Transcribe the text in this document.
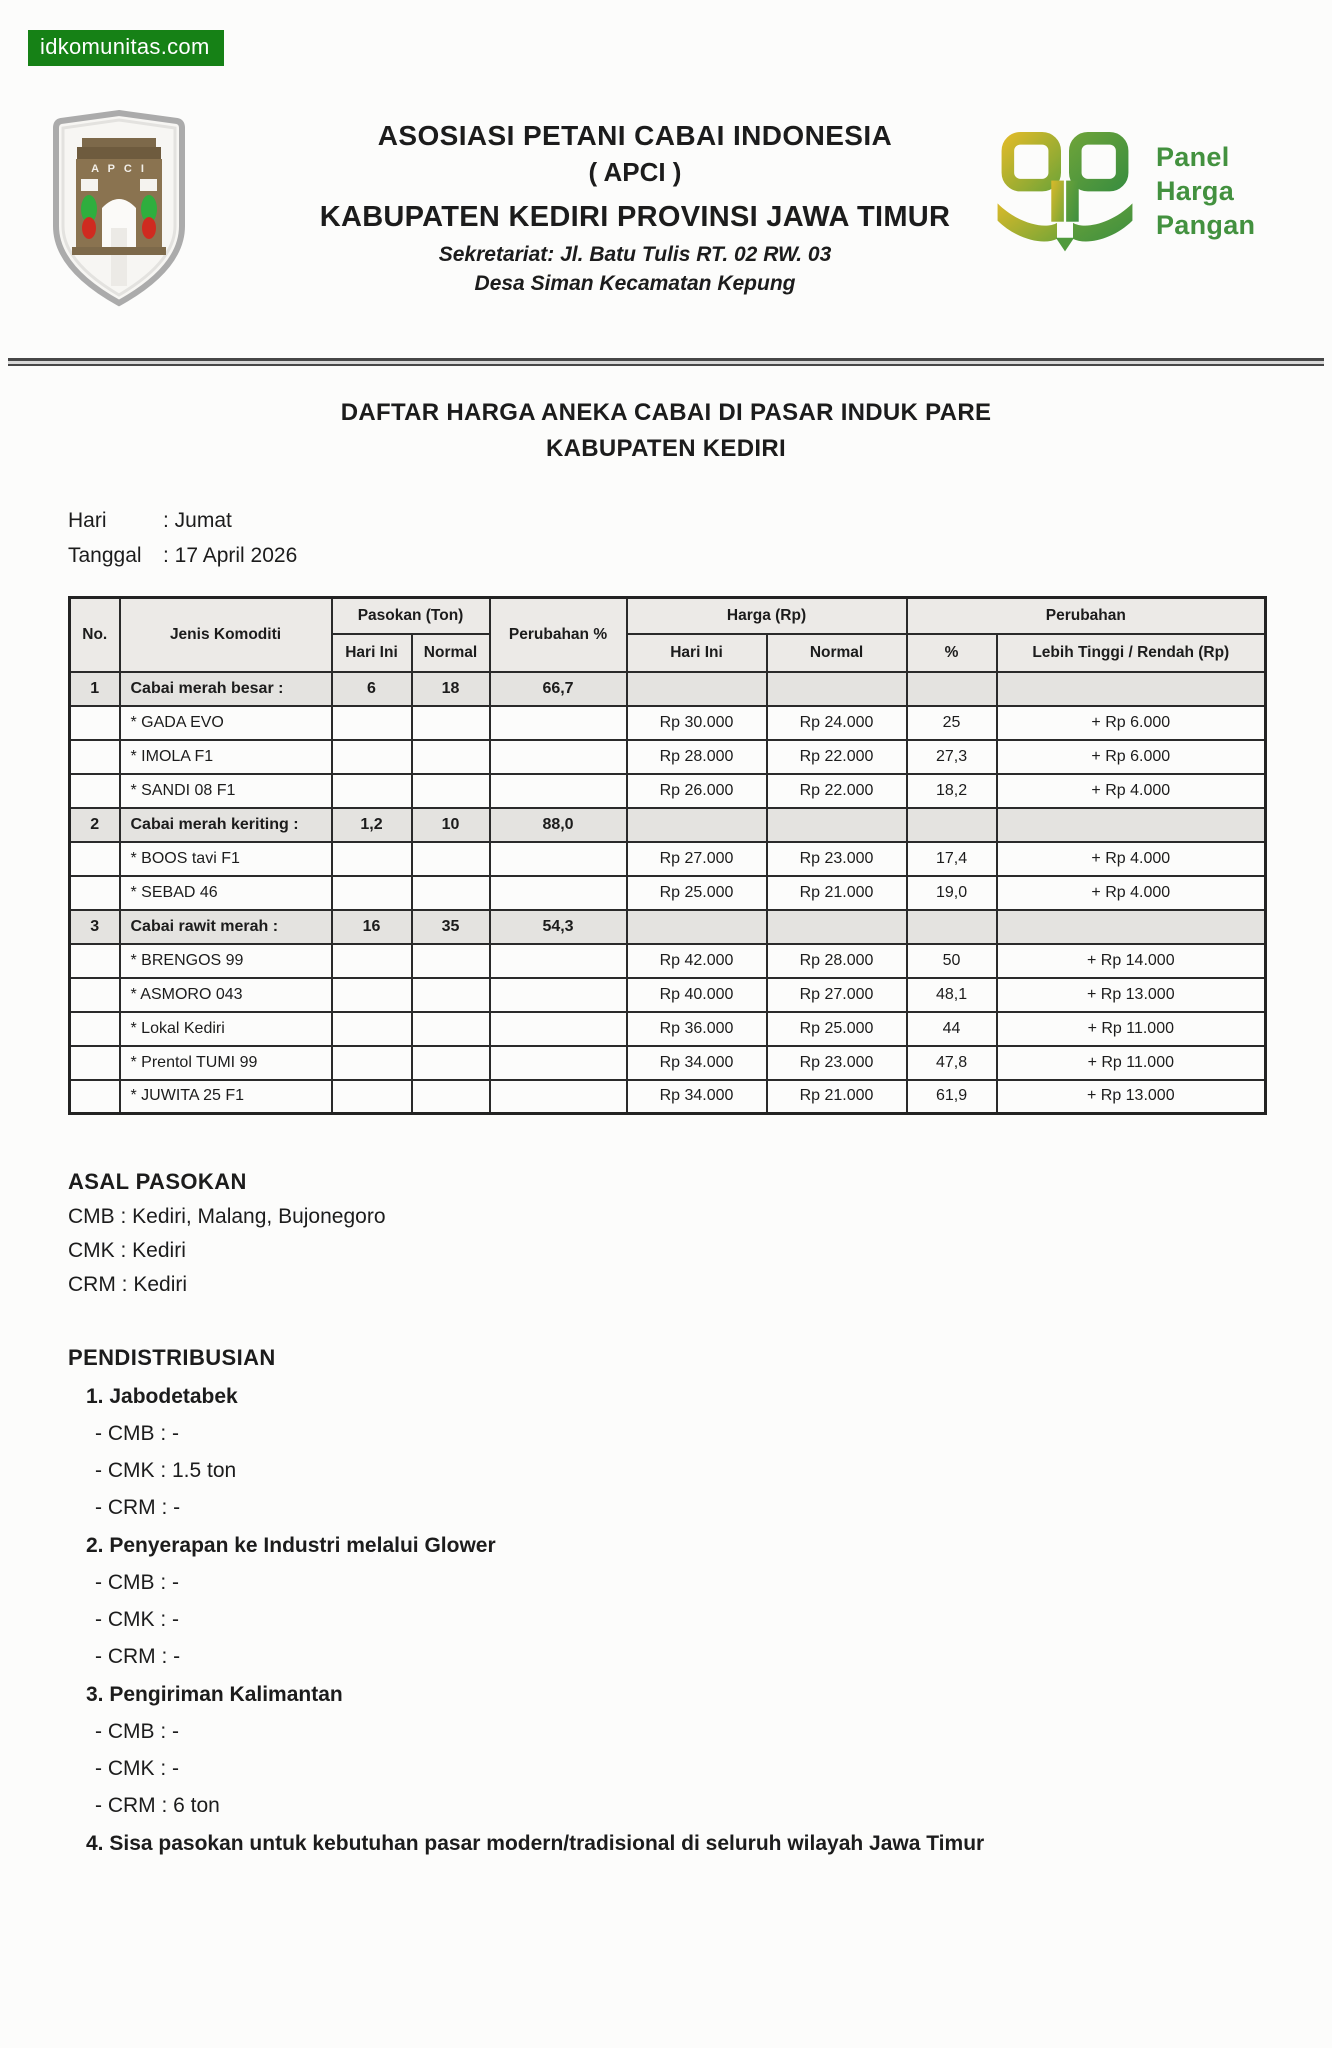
idkomunitas.com
A P C I
ASOSIASI PETANI CABAI INDONESIA
( APCI )
KABUPATEN KEDIRI PROVINSI JAWA TIMUR
Sekretariat: Jl. Batu Tulis RT. 02 RW. 03
Desa Siman Kecamatan Kepung
Panel
Harga
Pangan
DAFTAR HARGA ANEKA CABAI DI PASAR INDUK PARE
KABUPATEN KEDIRI
Hari	: Jumat
Tanggal	: 17 April 2026
No.	Jenis Komoditi	Pasokan (Ton)		Perubahan %	Harga (Rp)		Perubahan	
		Hari Ini	Normal		Hari Ini	Normal	%	Lebih Tinggi / Rendah (Rp)
1	Cabai merah besar :	6	18	66,7				
	* GADA EVO				Rp 30.000	Rp 24.000	25	+ Rp 6.000
	* IMOLA F1				Rp 28.000	Rp 22.000	27,3	+ Rp 6.000
	* SANDI 08 F1				Rp 26.000	Rp 22.000	18,2	+ Rp 4.000
2	Cabai merah keriting :	1,2	10	88,0				
	* BOOS tavi F1				Rp 27.000	Rp 23.000	17,4	+ Rp 4.000
	* SEBAD 46				Rp 25.000	Rp 21.000	19,0	+ Rp 4.000
3	Cabai rawit merah :	16	35	54,3				
	* BRENGOS 99				Rp 42.000	Rp 28.000	50	+ Rp 14.000
	* ASMORO 043				Rp 40.000	Rp 27.000	48,1	+ Rp 13.000
	* Lokal Kediri				Rp 36.000	Rp 25.000	44	+ Rp 11.000
	* Prentol TUMI 99				Rp 34.000	Rp 23.000	47,8	+ Rp 11.000
	* JUWITA 25 F1				Rp 34.000	Rp 21.000	61,9	+ Rp 13.000
ASAL PASOKAN
CMB : Kediri, Malang, Bujonegoro
CMK : Kediri
CRM : Kediri
PENDISTRIBUSIAN
1. Jabodetabek
- CMB : -
- CMK : 1.5 ton
- CRM : -
2. Penyerapan ke Industri melalui Glower
- CMB : -
- CMK : -
- CRM : -
3. Pengiriman Kalimantan
- CMB : -
- CMK : -
- CRM : 6 ton
4. Sisa pasokan untuk kebutuhan pasar modern/tradisional di seluruh wilayah Jawa Timur
